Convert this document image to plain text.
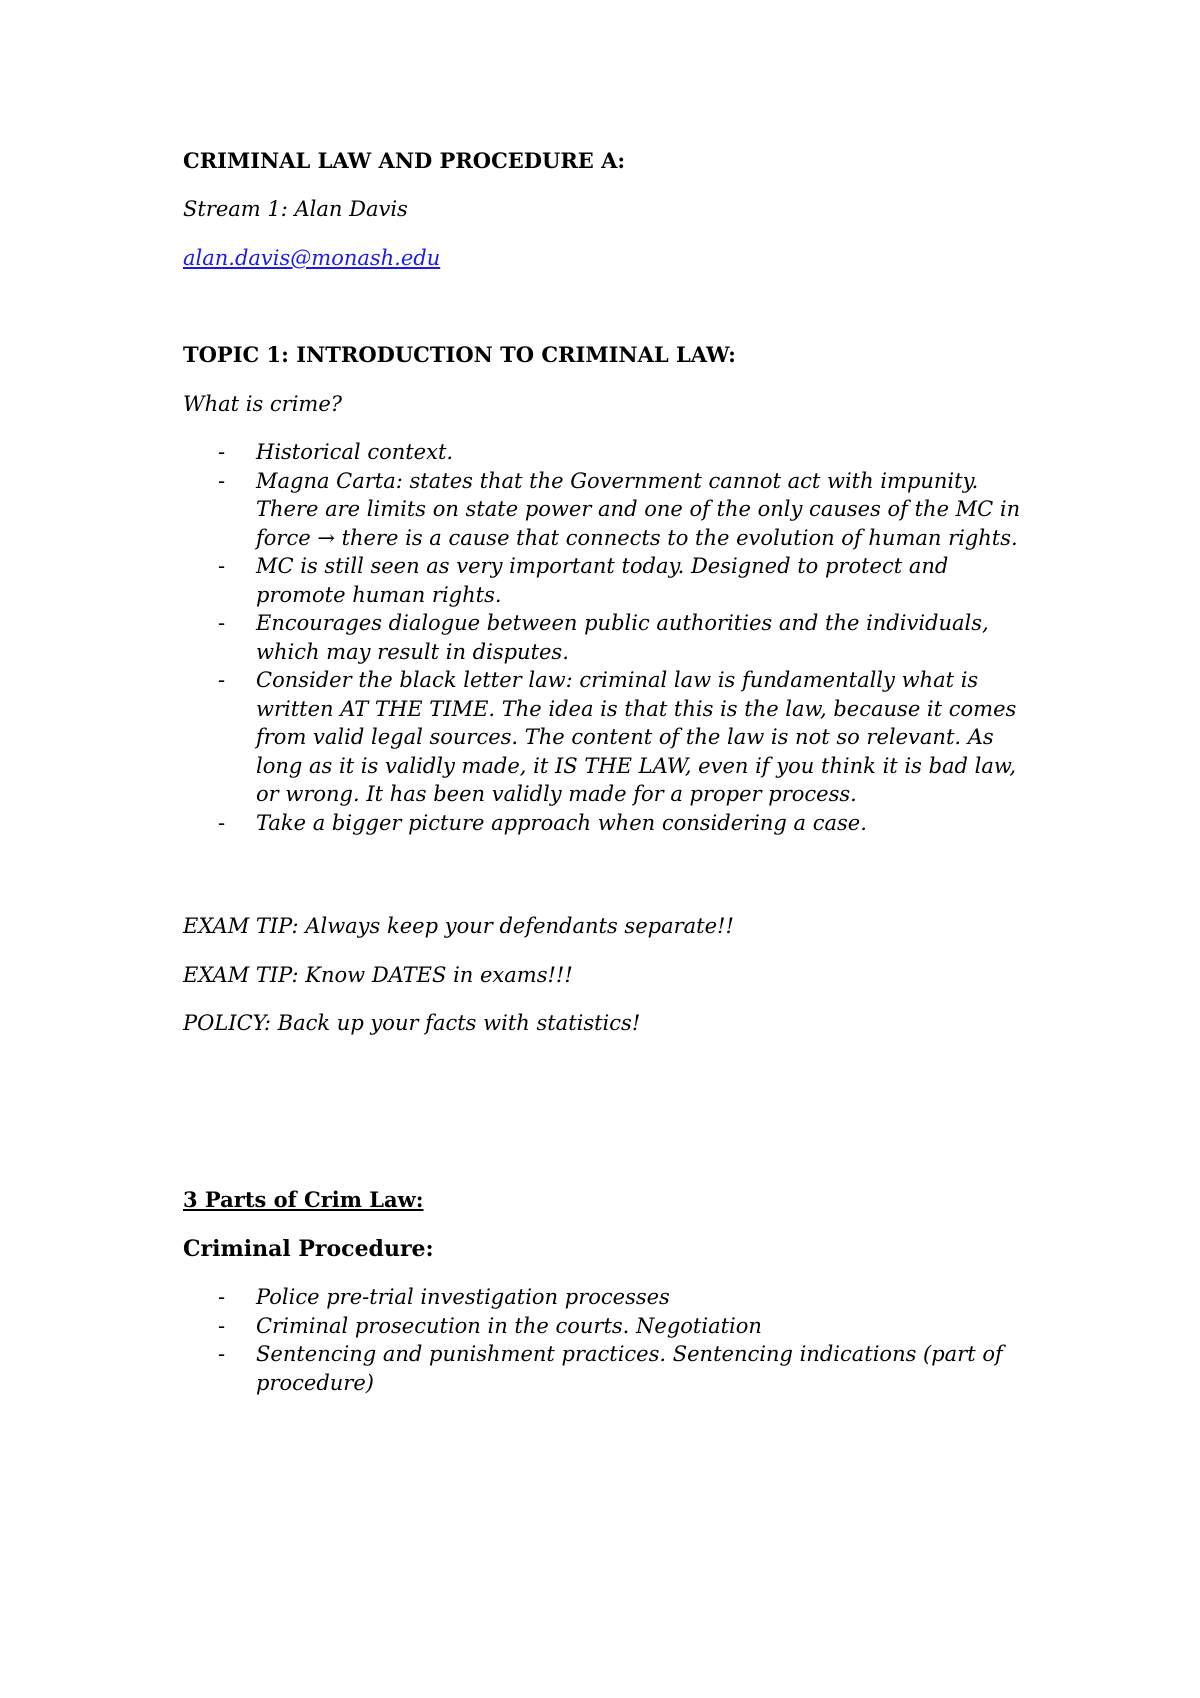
CRIMINAL LAW AND PROCEDURE A:
Stream 1: Alan Davis
alan.davis@monash.edu
TOPIC 1: INTRODUCTION TO CRIMINAL LAW:
What is crime?
- Historical context.
- Magna Carta: states that the Government cannot act with impunity. There are limits on state power and one of the only causes of the MC in force → there is a cause that connects to the evolution of human rights.
- MC is still seen as very important today. Designed to protect and promote human rights.
- Encourages dialogue between public authorities and the individuals, which may result in disputes.
- Consider the black letter law: criminal law is fundamentally what is written AT THE TIME. The idea is that this is the law, because it comes from valid legal sources. The content of the law is not so relevant. As long as it is validly made, it IS THE LAW, even if you think it is bad law, or wrong. It has been validly made for a proper process.
- Take a bigger picture approach when considering a case.
EXAM TIP: Always keep your defendants separate!!
EXAM TIP: Know DATES in exams!!!
POLICY: Back up your facts with statistics!
3 Parts of Crim Law:
Criminal Procedure:
- Police pre-trial investigation processes
- Criminal prosecution in the courts. Negotiation
- Sentencing and punishment practices. Sentencing indications (part of procedure)
